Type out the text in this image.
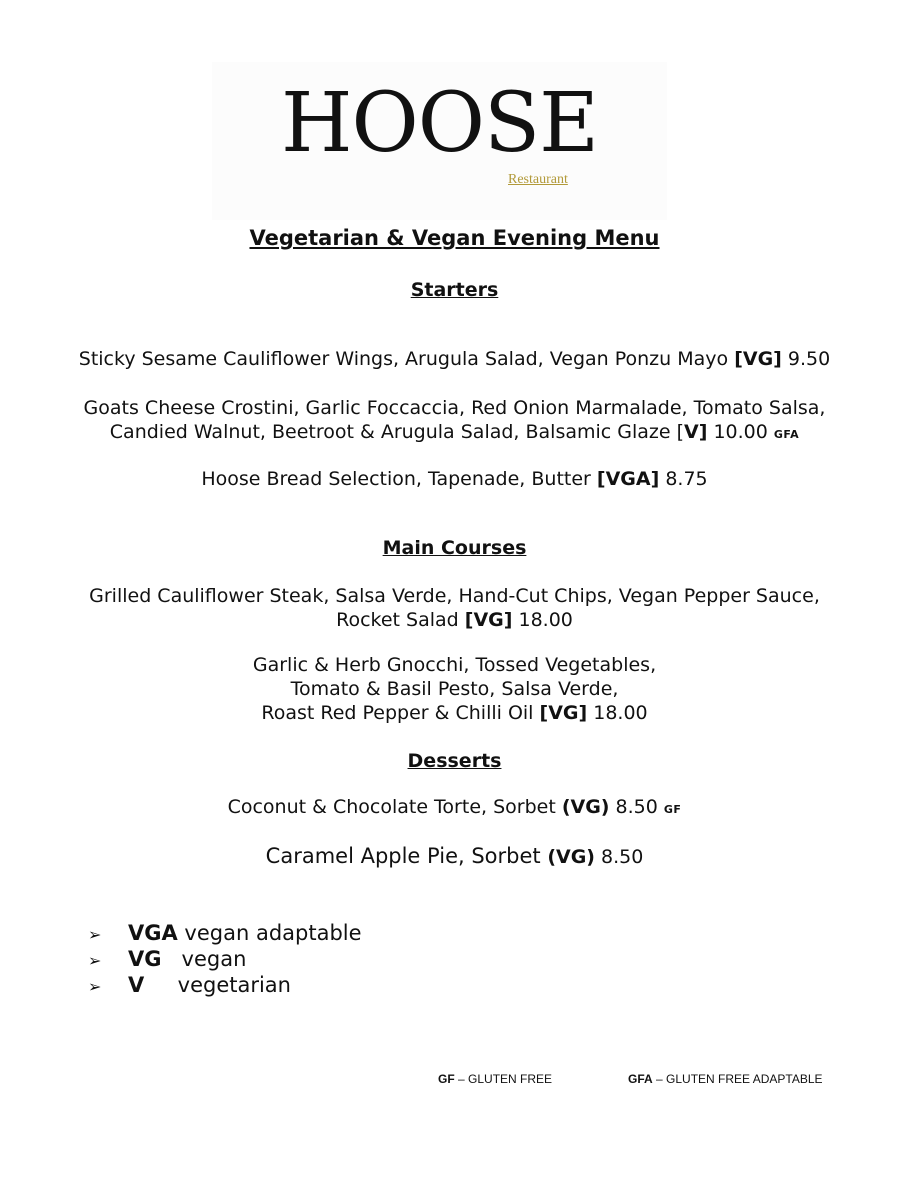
HOOSE
Restaurant
Vegetarian & Vegan Evening Menu
Starters
Sticky Sesame Cauliflower Wings, Arugula Salad, Vegan Ponzu Mayo [VG] 9.50
Goats Cheese Crostini, Garlic Foccaccia, Red Onion Marmalade, Tomato Salsa,
Candied Walnut, Beetroot & Arugula Salad, Balsamic Glaze [V] 10.00 GFA
Hoose Bread Selection, Tapenade, Butter [VGA] 8.75
Main Courses
Grilled Cauliflower Steak, Salsa Verde, Hand-Cut Chips, Vegan Pepper Sauce,
Rocket Salad [VG] 18.00
Garlic & Herb Gnocchi, Tossed Vegetables,
Tomato & Basil Pesto, Salsa Verde,
Roast Red Pepper & Chilli Oil [VG] 18.00
Desserts
Coconut & Chocolate Torte, Sorbet (VG) 8.50 GF
Caramel Apple Pie, Sorbet (VG) 8.50
➢ VGA vegan adaptable
➢ VG   vegan
➢ V     vegetarian
GF – GLUTEN FREE	GFA – GLUTEN FREE ADAPTABLE
